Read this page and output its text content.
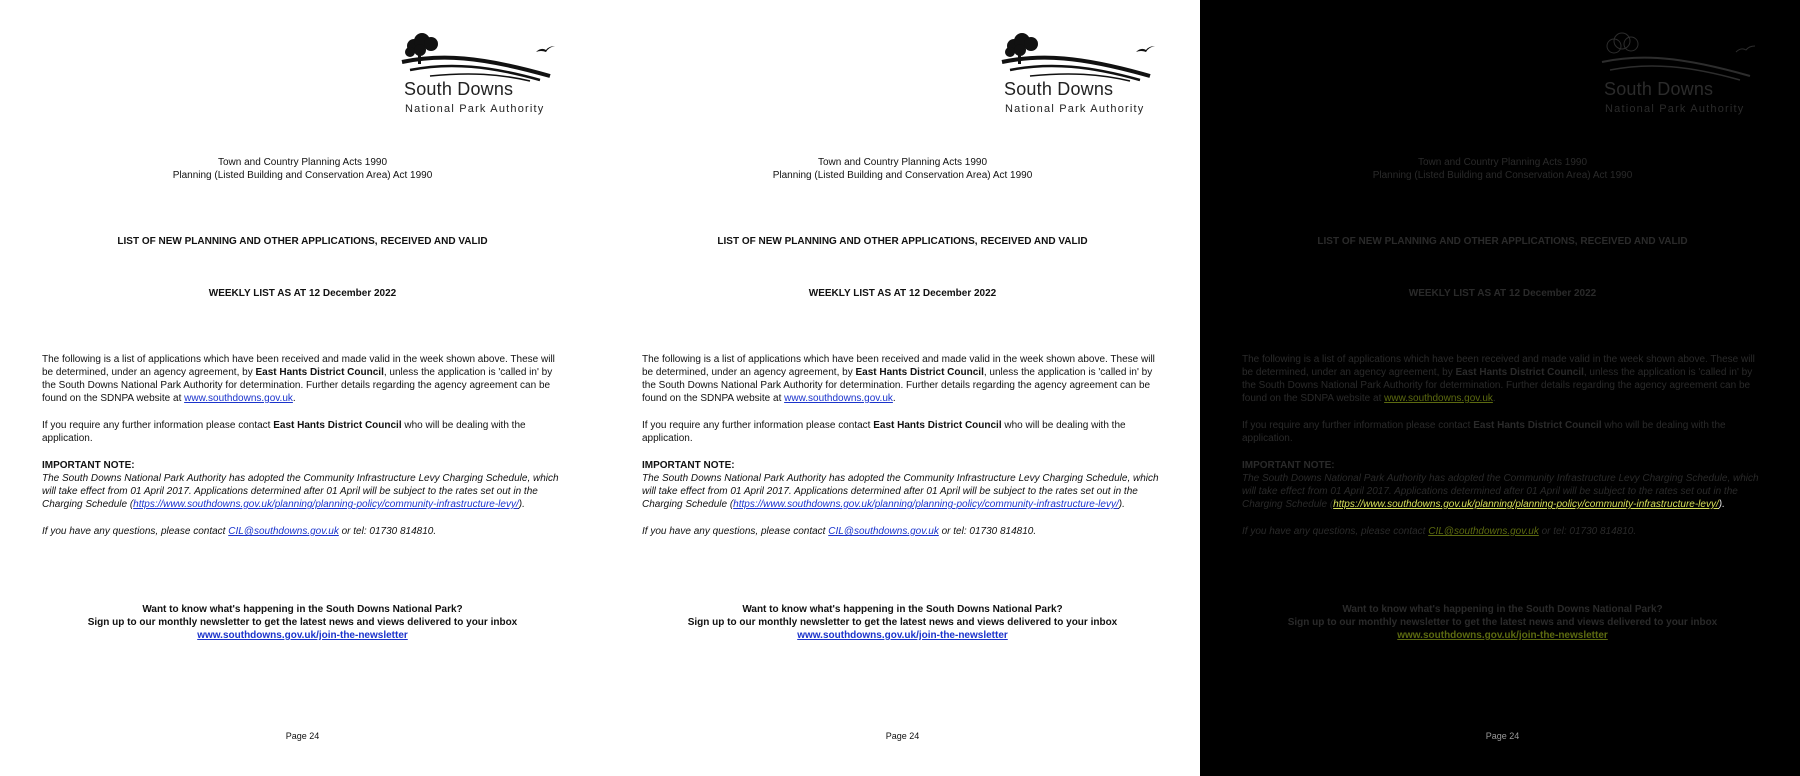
South Downs
National Park Authority
Town and Country Planning Acts 1990
Planning (Listed Building and Conservation Area) Act 1990
LIST OF NEW PLANNING AND OTHER APPLICATIONS, RECEIVED AND VALID
WEEKLY LIST AS AT 12 December 2022
The following is a list of applications which have been received and made valid in the week shown above. These will be determined, under an agency agreement, by East Hants District Council, unless the application is 'called in' by the South Downs National Park Authority for determination. Further details regarding the agency agreement can be found on the SDNPA website at www.southdowns.gov.uk.
If you require any further information please contact East Hants District Council who will be dealing with the application.
IMPORTANT NOTE:
The South Downs National Park Authority has adopted the Community Infrastructure Levy Charging Schedule, which will take effect from 01 April 2017. Applications determined after 01 April will be subject to the rates set out in the Charging Schedule (https://www.southdowns.gov.uk/planning/planning-policy/community-infrastructure-levy/).
If you have any questions, please contact CIL@southdowns.gov.uk or tel: 01730 814810.
Want to know what's happening in the South Downs National Park?
Sign up to our monthly newsletter to get the latest news and views delivered to your inbox
www.southdowns.gov.uk/join-the-newsletter
Page 24
South Downs
National Park Authority
Town and Country Planning Acts 1990
Planning (Listed Building and Conservation Area) Act 1990
LIST OF NEW PLANNING AND OTHER APPLICATIONS, RECEIVED AND VALID
WEEKLY LIST AS AT 12 December 2022
The following is a list of applications which have been received and made valid in the week shown above. These will be determined, under an agency agreement, by East Hants District Council, unless the application is 'called in' by the South Downs National Park Authority for determination. Further details regarding the agency agreement can be found on the SDNPA website at www.southdowns.gov.uk.
If you require any further information please contact East Hants District Council who will be dealing with the application.
IMPORTANT NOTE:
The South Downs National Park Authority has adopted the Community Infrastructure Levy Charging Schedule, which will take effect from 01 April 2017. Applications determined after 01 April will be subject to the rates set out in the Charging Schedule (https://www.southdowns.gov.uk/planning/planning-policy/community-infrastructure-levy/).
If you have any questions, please contact CIL@southdowns.gov.uk or tel: 01730 814810.
Want to know what's happening in the South Downs National Park?
Sign up to our monthly newsletter to get the latest news and views delivered to your inbox
www.southdowns.gov.uk/join-the-newsletter
Page 24
South Downs
National Park Authority
Town and Country Planning Acts 1990
Planning (Listed Building and Conservation Area) Act 1990
LIST OF NEW PLANNING AND OTHER APPLICATIONS, RECEIVED AND VALID
WEEKLY LIST AS AT 12 December 2022
The following is a list of applications which have been received and made valid in the week shown above. These will be determined, under an agency agreement, by East Hants District Council, unless the application is 'called in' by the South Downs National Park Authority for determination. Further details regarding the agency agreement can be found on the SDNPA website at www.southdowns.gov.uk.
If you require any further information please contact East Hants District Council who will be dealing with the application.
IMPORTANT NOTE:
The South Downs National Park Authority has adopted the Community Infrastructure Levy Charging Schedule, which will take effect from 01 April 2017. Applications determined after 01 April will be subject to the rates set out in the Charging Schedule (https://www.southdowns.gov.uk/planning/planning-policy/community-infrastructure-levy/).
If you have any questions, please contact CIL@southdowns.gov.uk or tel: 01730 814810.
Want to know what's happening in the South Downs National Park?
Sign up to our monthly newsletter to get the latest news and views delivered to your inbox
www.southdowns.gov.uk/join-the-newsletter
Page 24
